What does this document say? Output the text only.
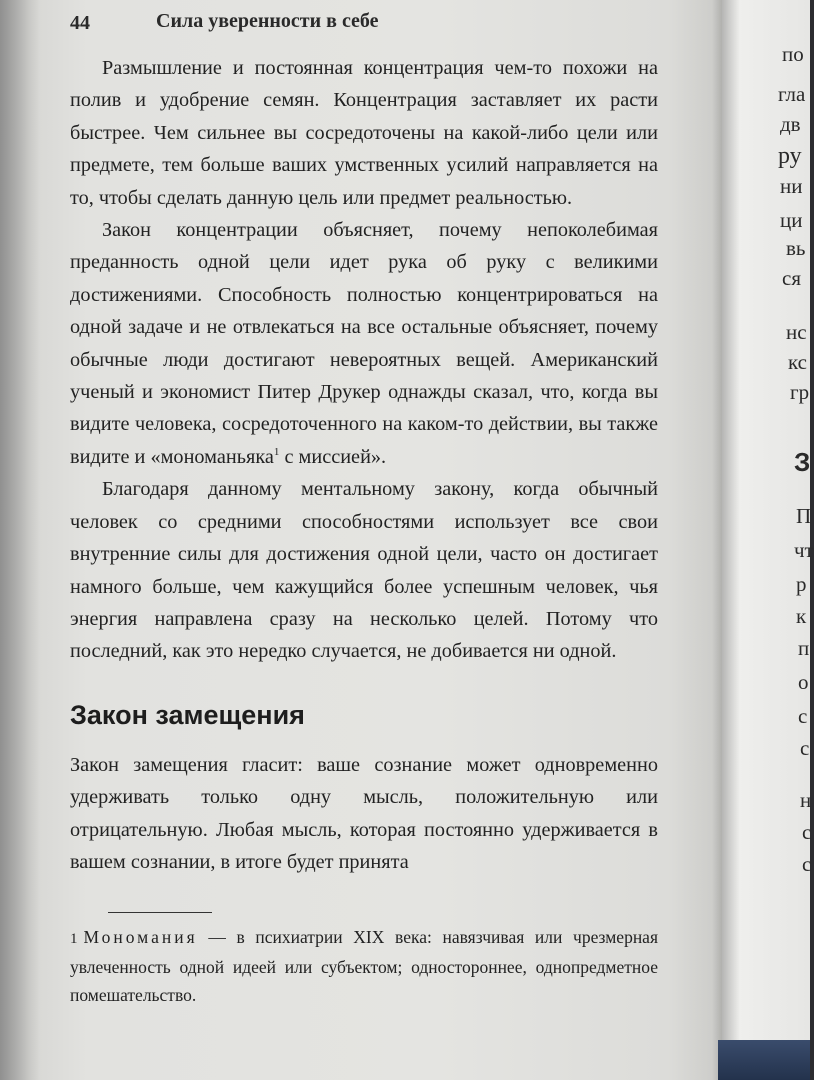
44	Сила уверенности в себе

Размышление и постоянная концентрация чем-то похожи на полив и удобрение семян. Концентрация заставляет их расти быстрее. Чем сильнее вы сосредоточены на какой-либо цели или предмете, тем больше ваших умственных усилий направляется на то, чтобы сделать данную цель или предмет реальностью.

Закон концентрации объясняет, почему непоколебимая преданность одной цели идет рука об руку с великими достижениями. Способность полностью концентрироваться на одной задаче и не отвлекаться на все остальные объясняет, почему обычные люди достигают невероятных вещей. Американский ученый и экономист Питер Друкер однажды сказал, что, когда вы видите человека, сосредоточенного на каком-то действии, вы также видите и «мономаньяка$^1$ с миссией».

Благодаря данному ментальному закону, когда обычный человек со средними способностями использует все свои внутренние силы для достижения одной цели, часто он достигает намного больше, чем кажущийся более успешным человек, чья энергия направлена сразу на несколько целей. Потому что последний, как это нередко случается, не добивается ни одной.

Закон замещения

Закон замещения гласит: ваше сознание может одновременно удерживать только одну мысль, положительную или отрицательную. Любая мысль, которая постоянно удерживается в вашем сознании, в итоге будет принята

1 Мономания — в психиатрии XIX века: навязчивая или чрезмерная увлеченность одной идеей или субъектом; одностороннее, однопредметное помешательство.

по
гла
дв
ру
ни
ци
вь
ся
нс
кс
гр
З
П
чт
р
к
п
о
с
с
н
с
с
